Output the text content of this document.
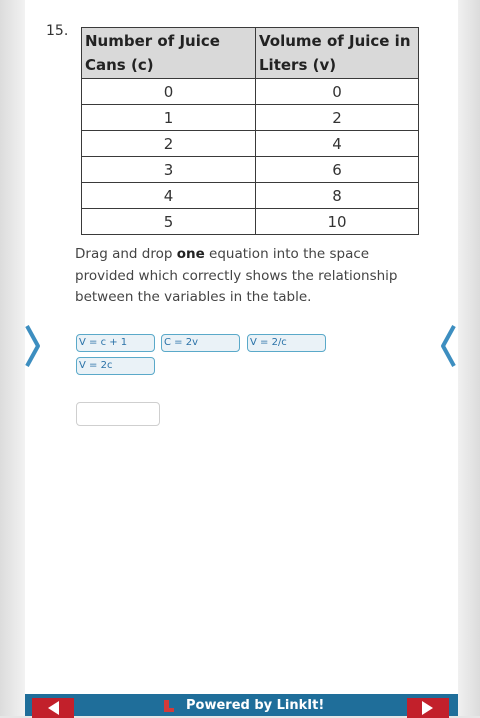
15.
Number of Juice Cans (c)	Volume of Juice in Liters (v)
0	0
1	2
2	4
3	6
4	8
5	10
Drag and drop one equation into the space provided which correctly shows the relationship between the variables in the table.
V = c + 1	C = 2v	V = 2/c
V = 2c
Powered by LinkIt!
